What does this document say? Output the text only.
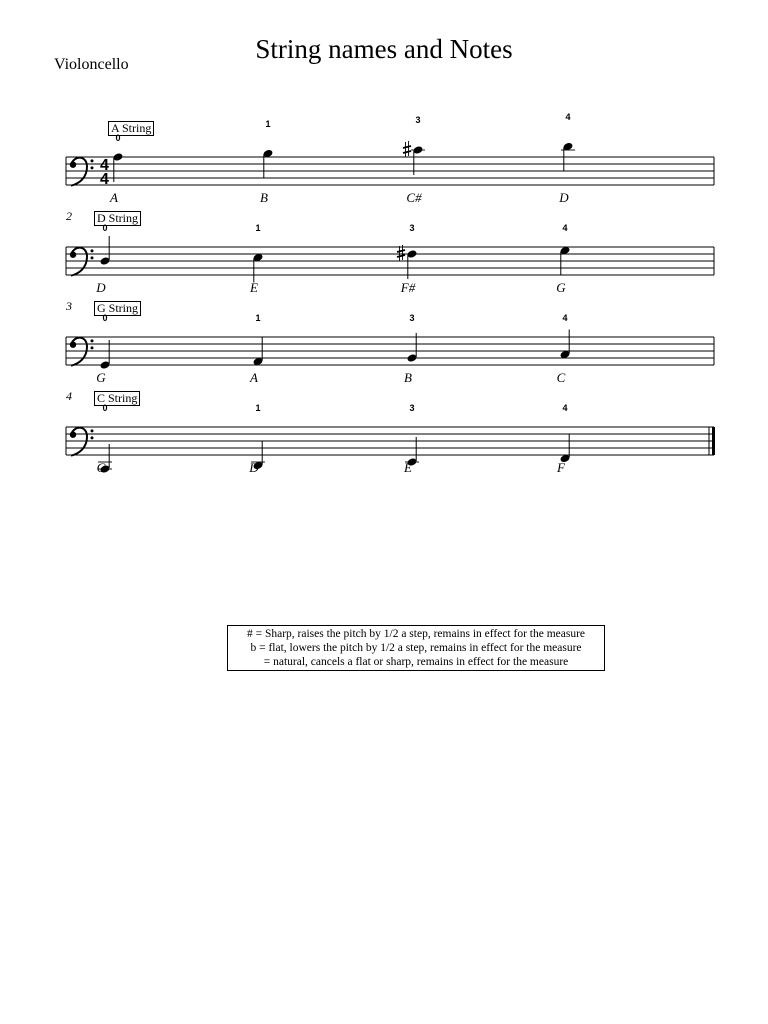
String names and Notes
Violoncello
4
4
A String
0
A
1
B
3
C#
4
D
2 D String
0
D
1
E
3
F#
4
G
3 G String
0
G
1
A
3
B
4
C
4 C String
0
C
1
D
3
E
4
F
# = Sharp, raises the pitch by 1/2 a step, remains in effect for the measure
b = flat, lowers the pitch by 1/2 a step, remains in effect for the measure
= natural, cancels a flat or sharp, remains in effect for the measure
